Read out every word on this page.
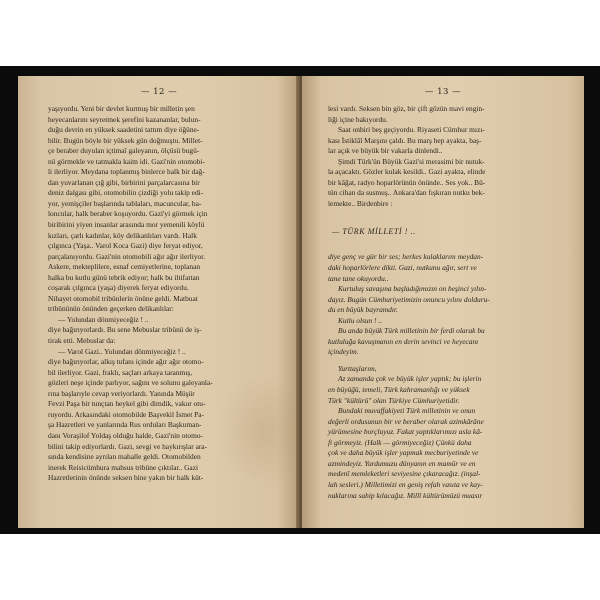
— 12 —
yaşıyordu. Yeni bir devlet kurmuş bir milletin şen
heyecanlarını seyretmek şerefini kazananlar, bulun-
duğu devrin en yüksek saadetini tattım diye öğüne-
bilir. Bugün böyle bir yüksek gün doğmuştu. Millet-
çe beraber duyulan içtimaî galeyanın, ölçüsü bugü-
nü görmekle ve tatmakla kaim idi. Gazi'nin otomobi-
li ilerliyor. Meydana toplanmış binlerce halk bir dağ-
dan yuvarlanan çığ gibi, birbirini parçalarcasına bir
deniz dalgası gibi, otomobilin çizdiği yolu takip edi-
yor, yemişçiler başlarında tablaları, macuncular, ba-
loncular, halk beraber koşuyordu. Gazi'yi görmek için
biribirini yiyen insanlar arasında mor yemenili köylü
kızları, çarlı kadınlar, köy delikanlıları vardı. Halk
çılgınca (Yaşa.. Varol Koca Gazi) diye feryat ediyor,
parçalanıyordu. Gazi'nin otomobili ağır ağır ilerliyor.
Askere, mekteplilere, esnaf cemiyetlerine, toplanan
halka bu kutlu günü tebrik ediyor; halk bu iltifattan
coşarak çılgınca (yaşa) diyerek feryat ediyordu.
Nihayet otomobil tribünlerin önüne geldi. Matbuat
tribününün önünden geçerken delikanlılar:
— Yolundan dönmiyeceğiz ! ..
diye bağırıyorlardı. Bu sene Mebuslar tribünü de iş-
tirak etti. Mebuslar da:
— Varol Gazi.. Yolundan dönmiyeceğiz ! ..
diye bağırıyorlar, alkış tufanı içinde ağır ağır otomo-
bil ilerliyor. Gazi, fraklı, saçları arkaya taranmış,
gözleri neşe içinde parlıyor, sağını ve solunu galeyanla-
rına başlarıyle cevap veriyorlardı. Yanında Müşür
Fevzi Paşa bir tunçtan heykel gibi dimdik, vakur otu-
ruyordu. Arkasındaki otomobilde Başvekil İsmet Pa-
şa Hazretleri ve yanlarında Rus orduları Başkuman-
danı Voraşilof Yoldaş olduğu halde, Gazi'nin otomo-
bilini takip ediyorlardı. Gazi, sevgi ve haykırışlar ara-
sında kendisine ayrılan mahalle geldi. Otomobilden
inerek Reisicümhura mahsus tribüne çıktılar.. Gazi
Hazretlerinin önünde seksen bine yakın bir halk küt-
— 13 —
lesi vardı. Seksen bin göz, bir çift gözün mavi engin-
liği içine bakıyordu.
Saat onbiri beş geçiyordu. Riyaseti Cümhur mızı-
kası İstiklâl Marşını çaldı. Bu marş hep ayakta, baş-
lar açık ve büyük bir vakarla dinlendi..
Şimdi Türk'ün Büyük Gazi'si merasimi bir nutuk-
la açacaktı. Gözler kulak kesildi.. Gazi ayakta, elinde
bir kâğat, radyo hoparlörünün önünde.. Ses yok.. Bü-
tün cihan da susmuş.. Ankara'dan fışkıran nutku bek-
lemekte.. Birdenbire :
— TÜRK MİLLETİ ! ..
diye genç ve gür bir ses; herkes kulaklarını meydan-
daki hoparlörlere dikti. Gazi, nutkunu ağır, sert ve
tane tane okuyordu..
Kurtuluş savaşına başladığımızın on beşinci yılın-
dayız. Bugün Cümhuriyetimizin onuncu yılını dolduru-
du en büyük bayramdır.
Kutlu olsun ! ..
Bu anda büyük Türk milletinin bir ferdi olarak bu
kutluluğa kavuşmanın en derin sevinci ve heyecanı
içindeyim.
Yurttaşlarım,
Az zamanda çok ve büyük işler yaptık; bu işlerin
en büyüğü, temeli, Türk kahramanlığı ve yüksek
Türk "kültürü" olan Türkiye Cümhuriyetidir.
Bundaki muvaffakiyeti Türk milletinin ve onun
değerli ordusunun bir ve beraber olarak azimkârâne
yürümesine borçluyuz. Fakat yaptıklarımızı asla kâ-
fi görmeyiz. (Halk — görmiyeceğiz) Çünkü daha
çok ve daha büyük işler yapmak mecburiyetinde ve
azmindeyiz. Yurdumuzu dünyanın en mamûr ve en
medenî memleketleri seviyesine çıkaracağız. (inşal-
lah sesleri.) Milletimizi en geniş refah vasıta ve kay-
naklarına sahip kılacağız. Millî kültürümüzü muasır
